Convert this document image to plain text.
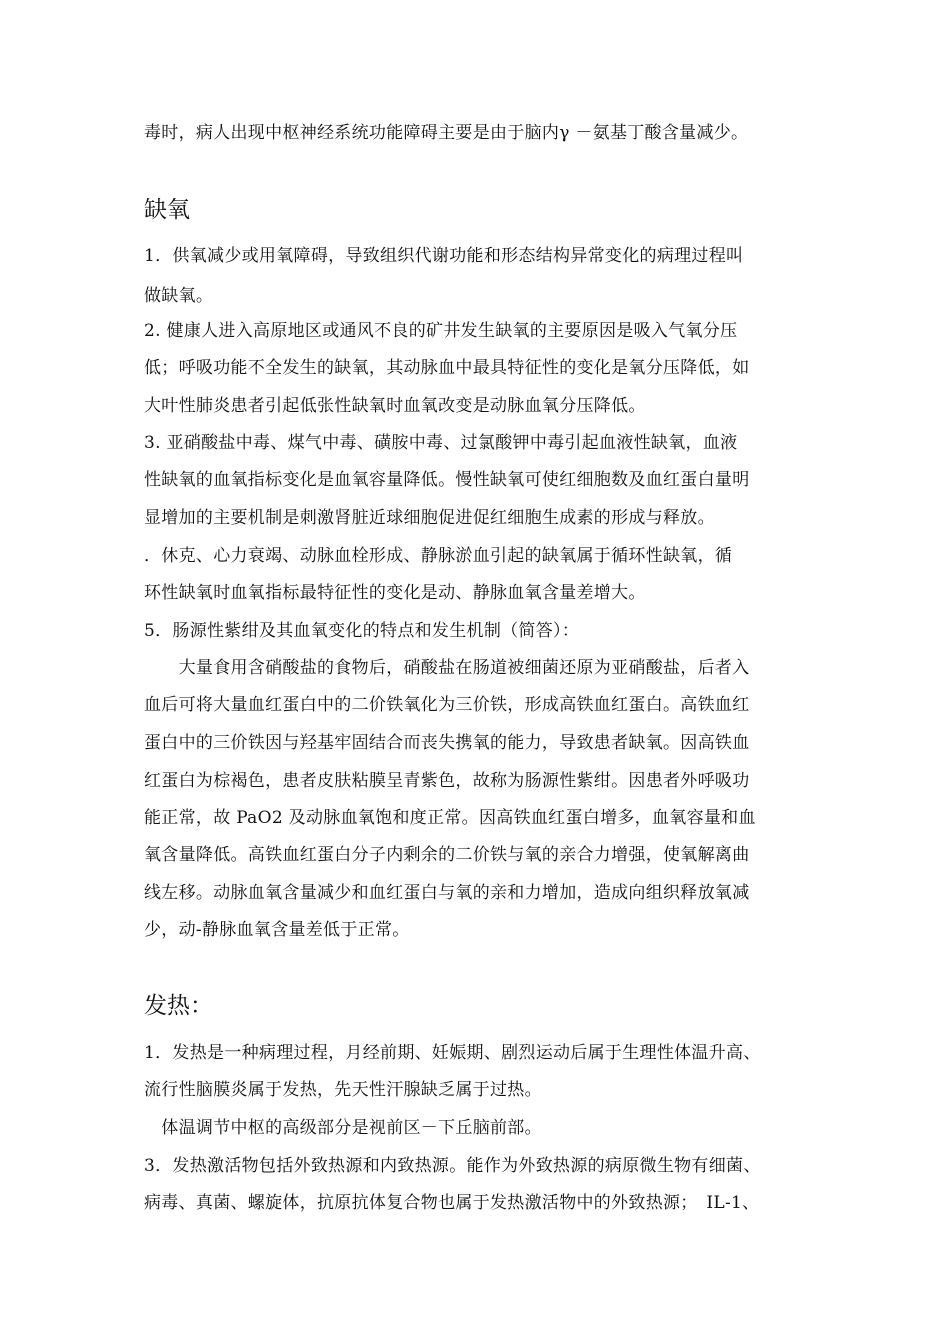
毒时，病人出现中枢神经系统功能障碍主要是由于脑内γ －氨基丁酸含量减少。
缺氧
1．供氧减少或用氧障碍，导致组织代谢功能和形态结构异常变化的病理过程叫
做缺氧。
2. 健康人进入高原地区或通风不良的矿井发生缺氧的主要原因是吸入气氧分压
低；呼吸功能不全发生的缺氧，其动脉血中最具特征性的变化是氧分压降低，如
大叶性肺炎患者引起低张性缺氧时血氧改变是动脉血氧分压降低。
3. 亚硝酸盐中毒、煤气中毒、磺胺中毒、过氯酸钾中毒引起血液性缺氧，血液
性缺氧的血氧指标变化是血氧容量降低。慢性缺氧可使红细胞数及血红蛋白量明
显增加的主要机制是刺激肾脏近球细胞促进促红细胞生成素的形成与释放。
．休克、心力衰竭、动脉血栓形成、静脉淤血引起的缺氧属于循环性缺氧，循
环性缺氧时血氧指标最特征性的变化是动、静脉血氧含量差增大。
5．肠源性紫绀及其血氧变化的特点和发生机制（简答）：
　　大量食用含硝酸盐的食物后，硝酸盐在肠道被细菌还原为亚硝酸盐，后者入
血后可将大量血红蛋白中的二价铁氧化为三价铁，形成高铁血红蛋白。高铁血红
蛋白中的三价铁因与羟基牢固结合而丧失携氧的能力，导致患者缺氧。因高铁血
红蛋白为棕褐色，患者皮肤粘膜呈青紫色，故称为肠源性紫绀。因患者外呼吸功
能正常，故 PaO2 及动脉血氧饱和度正常。因高铁血红蛋白增多，血氧容量和血
氧含量降低。高铁血红蛋白分子内剩余的二价铁与氧的亲合力增强，使氧解离曲
线左移。动脉血氧含量减少和血红蛋白与氧的亲和力增加，造成向组织释放氧减
少，动-静脉血氧含量差低于正常。
发热：
1．发热是一种病理过程，月经前期、妊娠期、剧烈运动后属于生理性体温升高、
流行性脑膜炎属于发热，先天性汗腺缺乏属于过热。
　体温调节中枢的高级部分是视前区－下丘脑前部。
3．发热激活物包括外致热源和内致热源。能作为外致热源的病原微生物有细菌、
病毒、真菌、螺旋体，抗原抗体复合物也属于发热激活物中的外致热源；　IL-1、
